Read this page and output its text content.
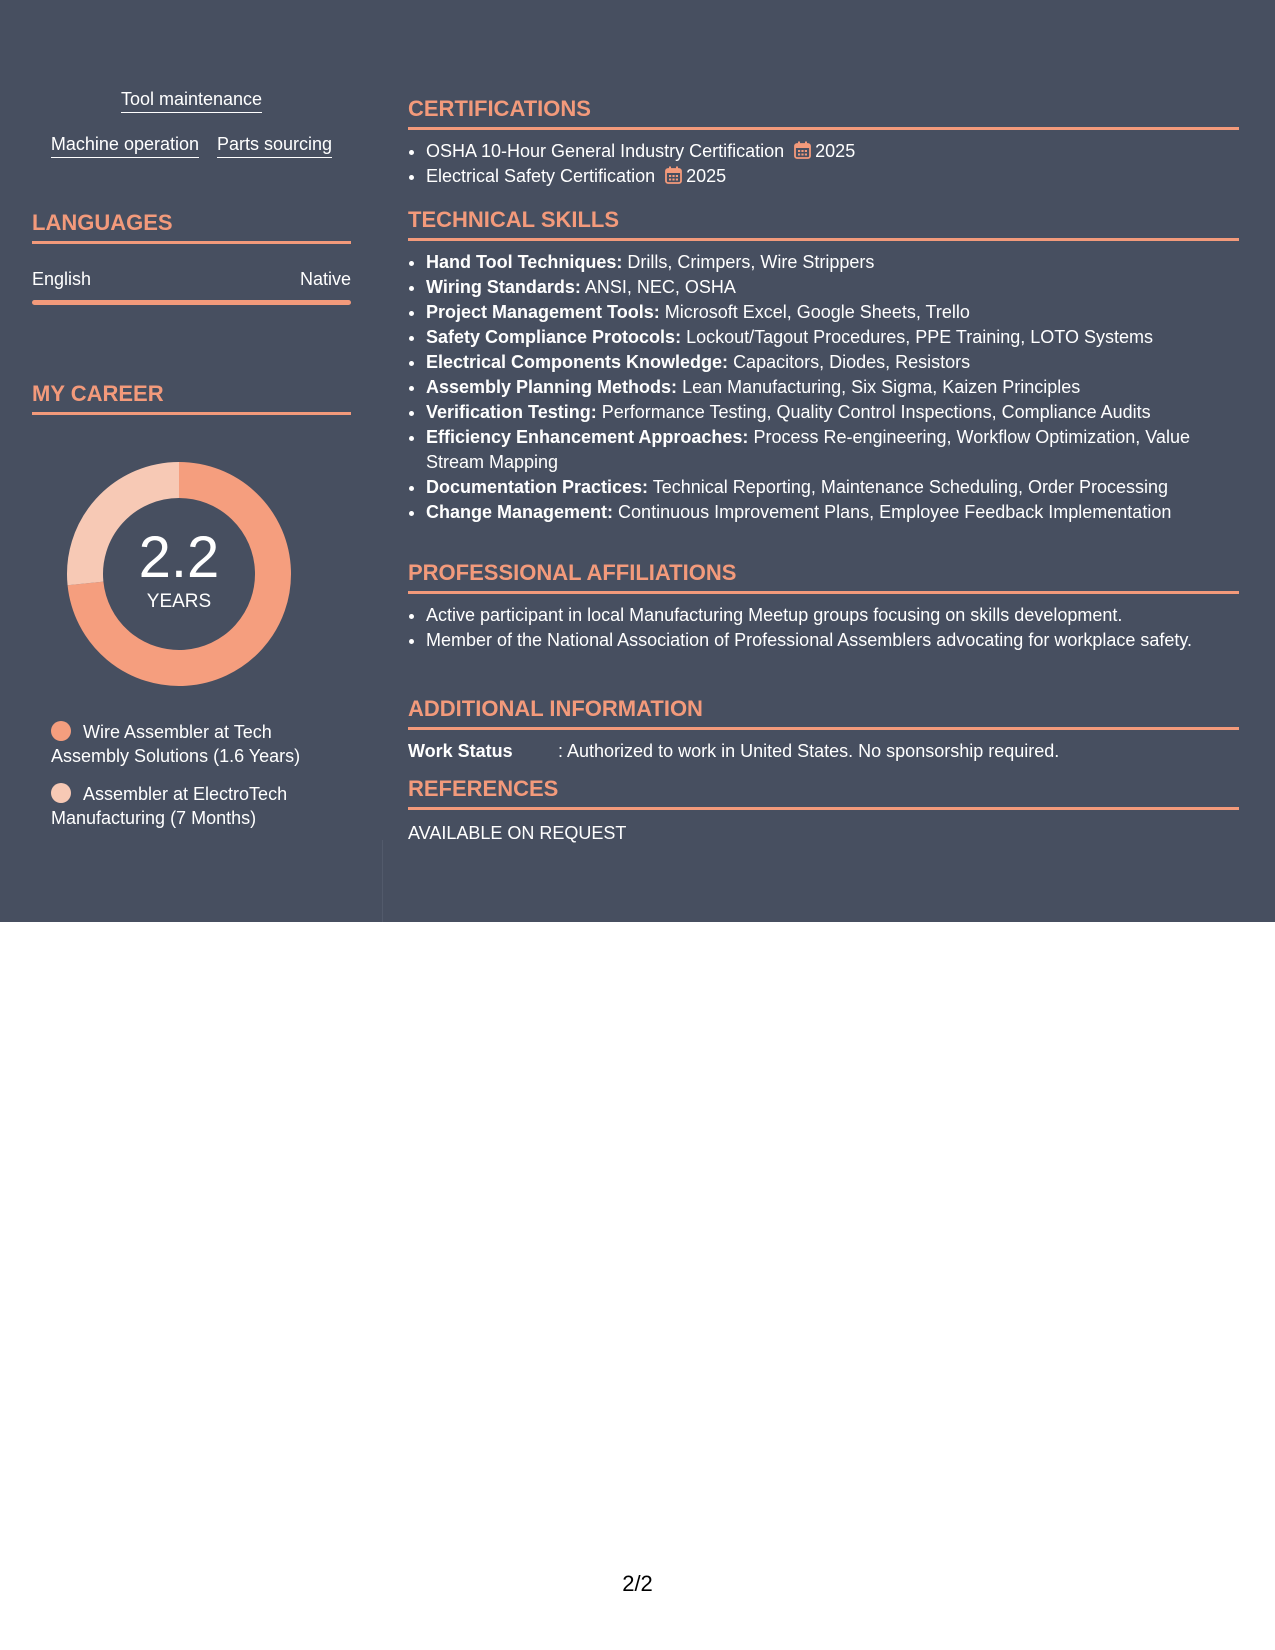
Tool maintenance
Machine operation Parts sourcing
LANGUAGES
English	Native
MY CAREER
2.2
YEARS
Wire Assembler at Tech Assembly Solutions (1.6 Years)
Assembler at ElectroTech Manufacturing (7 Months)
CERTIFICATIONS
• OSHA 10-Hour General Industry Certification 2025
• Electrical Safety Certification 2025
TECHNICAL SKILLS
• Hand Tool Techniques: Drills, Crimpers, Wire Strippers
• Wiring Standards: ANSI, NEC, OSHA
• Project Management Tools: Microsoft Excel, Google Sheets, Trello
• Safety Compliance Protocols: Lockout/Tagout Procedures, PPE Training, LOTO Systems
• Electrical Components Knowledge: Capacitors, Diodes, Resistors
• Assembly Planning Methods: Lean Manufacturing, Six Sigma, Kaizen Principles
• Verification Testing: Performance Testing, Quality Control Inspections, Compliance Audits
• Efficiency Enhancement Approaches: Process Re-engineering, Workflow Optimization, Value Stream Mapping
• Documentation Practices: Technical Reporting, Maintenance Scheduling, Order Processing
• Change Management: Continuous Improvement Plans, Employee Feedback Implementation
PROFESSIONAL AFFILIATIONS
• Active participant in local Manufacturing Meetup groups focusing on skills development.
• Member of the National Association of Professional Assemblers advocating for workplace safety.
ADDITIONAL INFORMATION
Work Status	: Authorized to work in United States. No sponsorship required.
REFERENCES
AVAILABLE ON REQUEST
2/2
